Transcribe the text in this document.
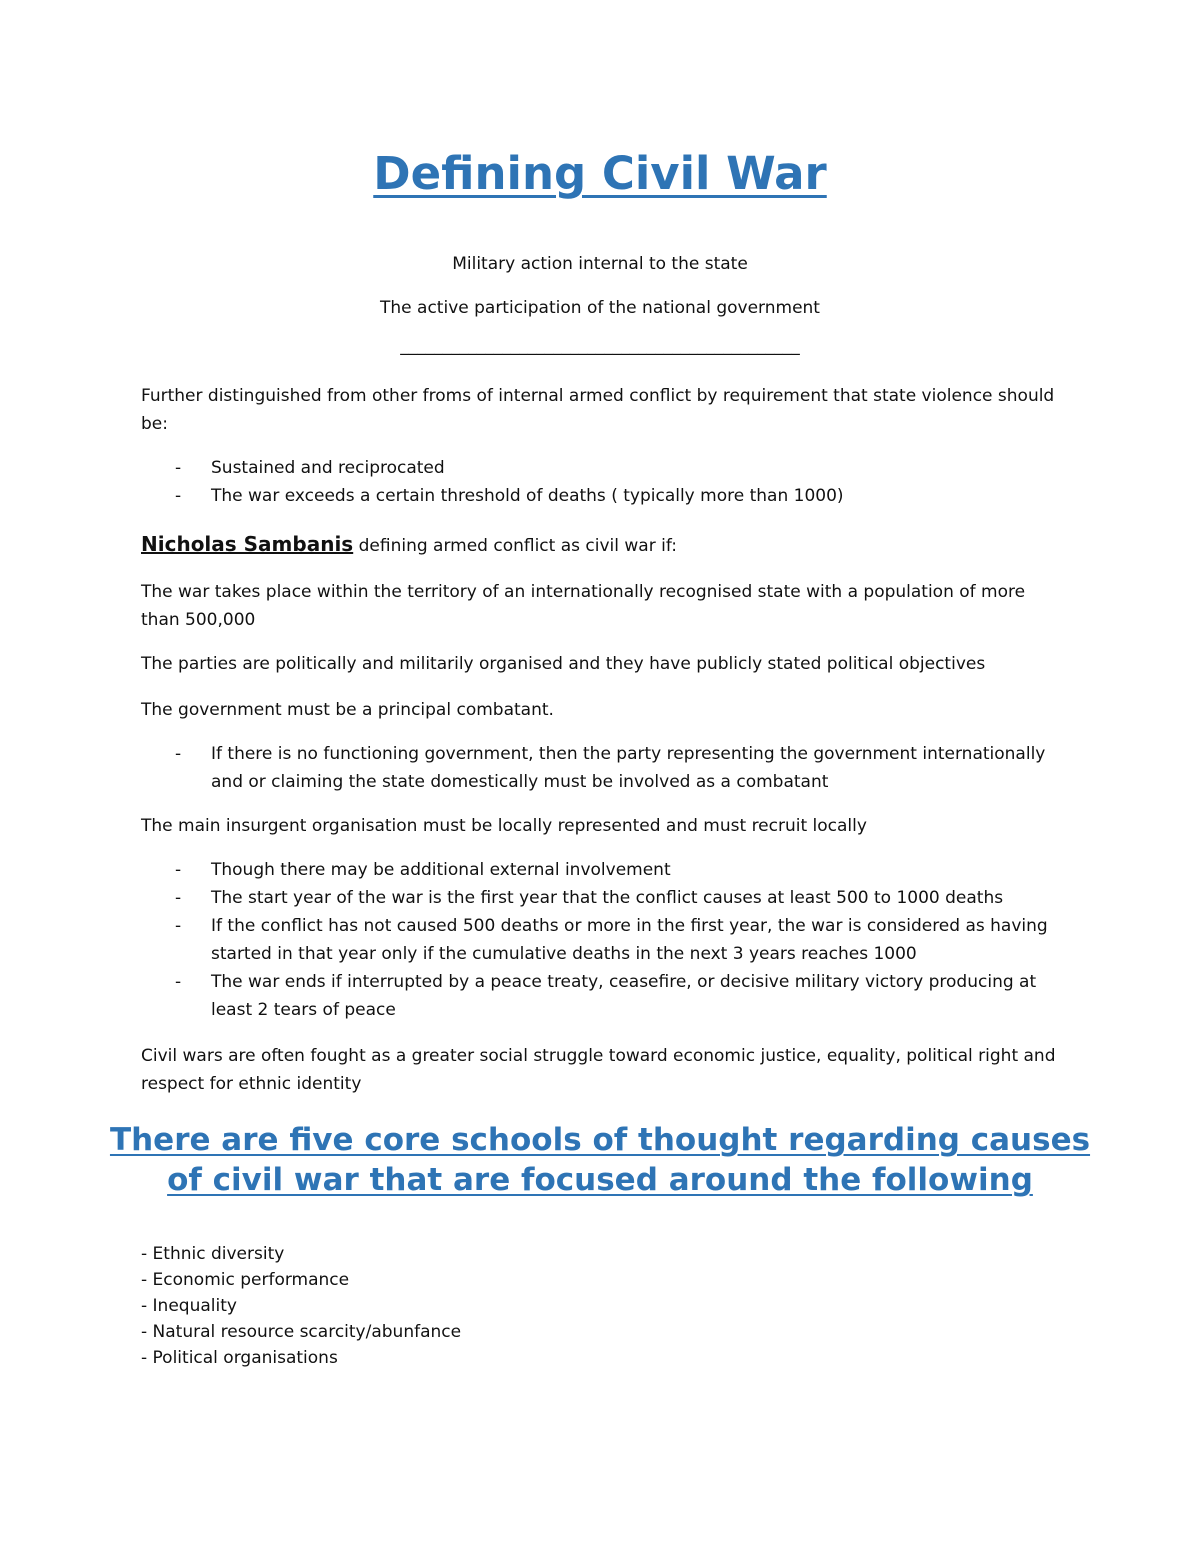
Defining Civil War
Military action internal to the state
The active participation of the national government
_______________________________________________
Further distinguished from other froms of internal armed conflict by requirement that state violence should be:
- Sustained and reciprocated
- The war exceeds a certain threshold of deaths ( typically more than 1000)
Nicholas Sambanis defining armed conflict as civil war if:
The war takes place within the territory of an internationally recognised state with a population of more than 500,000
The parties are politically and militarily organised and they have publicly stated political objectives
The government must be a principal combatant.
- If there is no functioning government, then the party representing the government internationally and or claiming the state domestically must be involved as a combatant
The main insurgent organisation must be locally represented and must recruit locally
- Though there may be additional external involvement
- The start year of the war is the first year that the conflict causes at least 500 to 1000 deaths
- If the conflict has not caused 500 deaths or more in the first year, the war is considered as having started in that year only if the cumulative deaths in the next 3 years reaches 1000
- The war ends if interrupted by a peace treaty, ceasefire, or decisive military victory producing at least 2 tears of peace
Civil wars are often fought as a greater social struggle toward economic justice, equality, political right and respect for ethnic identity
There are five core schools of thought regarding causes of civil war that are focused around the following
- Ethnic diversity
- Economic performance
- Inequality
- Natural resource scarcity/abunfance
- Political organisations
